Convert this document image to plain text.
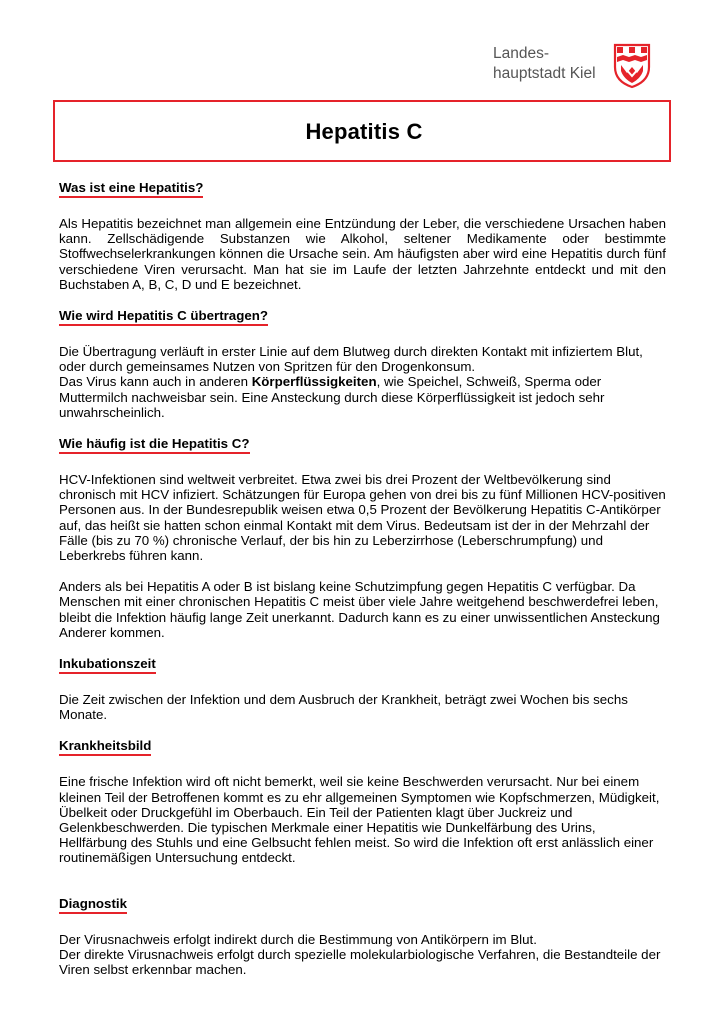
Landes-
hauptstadt Kiel
Hepatitis C

Was ist eine Hepatitis?

Als Hepatitis bezeichnet man allgemein eine Entzündung der Leber, die verschiedene Ursachen haben kann. Zellschädigende Substanzen wie Alkohol, seltener Medikamente oder bestimmte Stoffwechselerkrankungen können die Ursache sein. Am häufigsten aber wird eine Hepatitis durch fünf verschiedene Viren verursacht. Man hat sie im Laufe der letzten Jahrzehnte entdeckt und mit den Buchstaben A, B, C, D und E bezeichnet.

Wie wird Hepatitis C übertragen?

Die Übertragung verläuft in erster Linie auf dem Blutweg durch direkten Kontakt mit infiziertem Blut, oder durch gemeinsames Nutzen von Spritzen für den Drogenkonsum.

Das Virus kann auch in anderen Körperflüssigkeiten, wie Speichel, Schweiß, Sperma oder Muttermilch nachweisbar sein. Eine Ansteckung durch diese Körperflüssigkeit ist jedoch sehr unwahrscheinlich.

Wie häufig ist die Hepatitis C?

HCV-Infektionen sind weltweit verbreitet. Etwa zwei bis drei Prozent der Weltbevölkerung sind chronisch mit HCV infiziert. Schätzungen für Europa gehen von drei bis zu fünf Millionen HCV-positiven Personen aus. In der Bundesrepublik weisen etwa 0,5 Prozent der Bevölkerung Hepatitis C-Antikörper auf, das heißt sie hatten schon einmal Kontakt mit dem Virus. Bedeutsam ist der in der Mehrzahl der Fälle (bis zu 70 %) chronische Verlauf, der bis hin zu Leberzirrhose (Leberschrumpfung) und Leberkrebs führen kann.

Anders als bei Hepatitis A oder B ist bislang keine Schutzimpfung gegen Hepatitis C verfügbar. Da Menschen mit einer chronischen Hepatitis C meist über viele Jahre weitgehend beschwerdefrei leben, bleibt die Infektion häufig lange Zeit unerkannt. Dadurch kann es zu einer unwissentlichen Ansteckung Anderer kommen.

Inkubationszeit

Die Zeit zwischen der Infektion und dem Ausbruch der Krankheit, beträgt zwei Wochen bis sechs Monate.

Krankheitsbild

Eine frische Infektion wird oft nicht bemerkt, weil sie keine Beschwerden verursacht. Nur bei einem kleinen Teil der Betroffenen kommt es zu ehr allgemeinen Symptomen wie Kopfschmerzen, Müdigkeit, Übelkeit oder Druckgefühl im Oberbauch. Ein Teil der Patienten klagt über Juckreiz und Gelenkbeschwerden. Die typischen Merkmale einer Hepatitis wie Dunkelfärbung des Urins, Hellfärbung des Stuhls und eine Gelbsucht fehlen meist. So wird die Infektion oft erst anlässlich einer routinemäßigen Untersuchung entdeckt.

Diagnostik

Der Virusnachweis erfolgt indirekt durch die Bestimmung von Antikörpern im Blut.

Der direkte Virusnachweis erfolgt durch spezielle molekularbiologische Verfahren, die Bestandteile der Viren selbst erkennbar machen.
